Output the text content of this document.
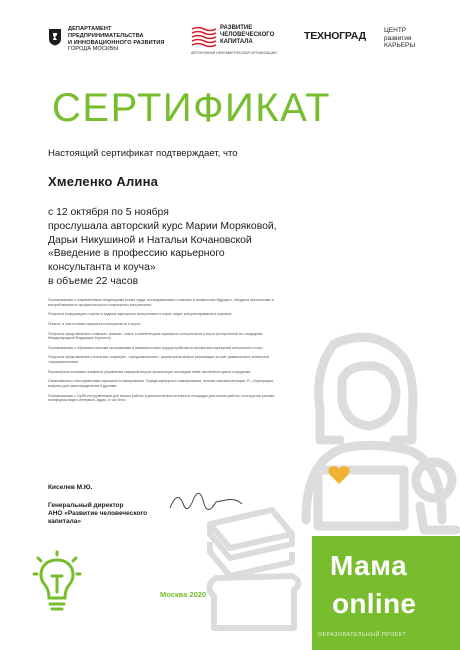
ДЕПАРТАМЕНТ
ПРЕДПРИНИМАТЕЛЬСТВА
И ИННОВАЦИОННОГО РАЗВИТИЯ
ГОРОДА МОСКВЫ
РАЗВИТИЕ
ЧЕЛОВЕЧЕСКОГО
КАПИТАЛА
АВТОНОМНАЯ НЕКОММЕРЧЕСКАЯ ОРГАНИЗАЦИЯ
ТЕХНОГРАД	ЦЕНТР
развития
КАРЬЕРЫ
СЕРТИФИКАТ
Настоящий сертификат подтверждает, что
Хмеленко Алина
с 12 октября по 5 ноября
прослушала авторский курс Марии Моряковой,
Дарьи Никушиной и Натальи Кочановской
«Введение в профессию карьерного
консультанта и коуча»
в объеме 22 часов

Познакомилась с современными тенденциями рынка труда, исследованиями о навыках и профессиях будущего, обсудила перспективы и востребованность профессии коуча и карьерного консультанта.

Получила информацию о целях и задачах карьерного консультанта и коуча, видах консультирования и коучинга.

Поняла, в чем отличие карьерного консультанта и коуча.

Получила представление о навыках, знаниях, опыте и компетенциях карьерного консультанта и коуча (построенной по стандартам Международной Федерации Коучинга).

Познакомилась с образовательными программами и возможностями трудоустройства по профессии карьерный консультант и коуч.

Получила представление о понятиях «карьера», «предназначение», рассмотрела вопрос реализации за счет развития всех элементов «предназначения».

Рассмотрела основные элементы управления карьерой внутри организации на каждом этапе жизненного цикла сотрудника.

Ознакомилась с инструментами карьерного планирования: Триада карьерного планирования, техники самопрезентации, Я – Корпорация, вопросы для самоопределения и другими.

Познакомилась с Oрбй-инструментами для поиска работы и дополнительно интересно площадки для поиска работы, конструктор резюме, платформы видео-интервью, аудио- и чат-боты

Киселев М.Ю.
Генеральный директор
АНО «Развитие человеческого
капитала»
Москва 2020
Мама
online
ОБРАЗОВАТЕЛЬНЫЙ ПРОЕКТ
